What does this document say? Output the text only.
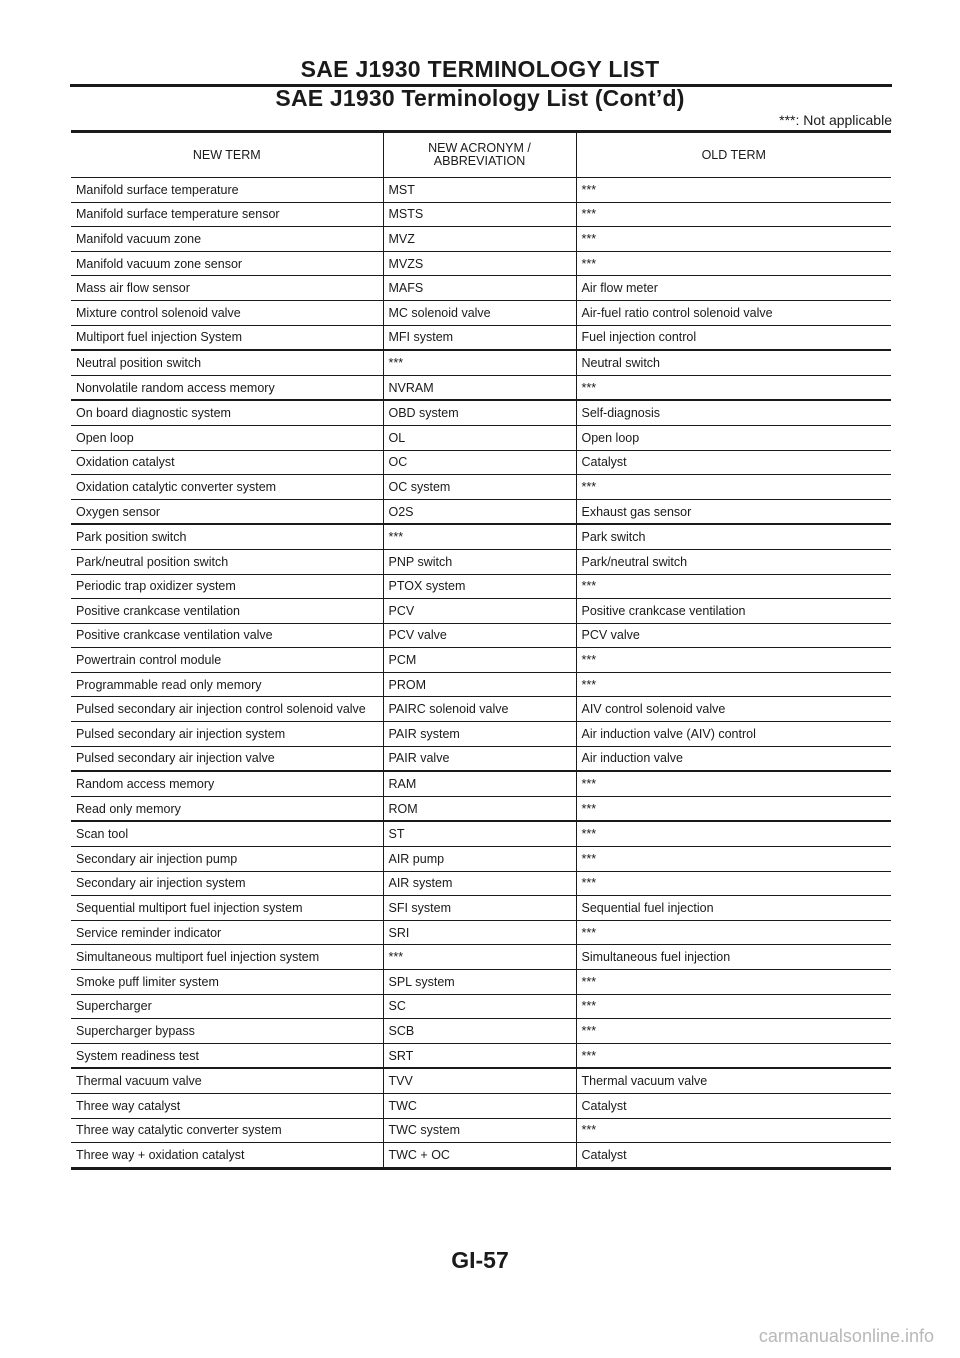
SAE J1930 TERMINOLOGY LIST
SAE J1930 Terminology List (Cont’d)
***: Not applicable
NEW TERM	NEW ACRONYM / ABBREVIATION	OLD TERM
Manifold surface temperature	MST	***
Manifold surface temperature sensor	MSTS	***
Manifold vacuum zone	MVZ	***
Manifold vacuum zone sensor	MVZS	***
Mass air flow sensor	MAFS	Air flow meter
Mixture control solenoid valve	MC solenoid valve	Air-fuel ratio control solenoid valve
Multiport fuel injection System	MFI system	Fuel injection control
Neutral position switch	***	Neutral switch
Nonvolatile random access memory	NVRAM	***
On board diagnostic system	OBD system	Self-diagnosis
Open loop	OL	Open loop
Oxidation catalyst	OC	Catalyst
Oxidation catalytic converter system	OC system	***
Oxygen sensor	O2S	Exhaust gas sensor
Park position switch	***	Park switch
Park/neutral position switch	PNP switch	Park/neutral switch
Periodic trap oxidizer system	PTOX system	***
Positive crankcase ventilation	PCV	Positive crankcase ventilation
Positive crankcase ventilation valve	PCV valve	PCV valve
Powertrain control module	PCM	***
Programmable read only memory	PROM	***
Pulsed secondary air injection control solenoid valve	PAIRC solenoid valve	AIV control solenoid valve
Pulsed secondary air injection system	PAIR system	Air induction valve (AIV) control
Pulsed secondary air injection valve	PAIR valve	Air induction valve
Random access memory	RAM	***
Read only memory	ROM	***
Scan tool	ST	***
Secondary air injection pump	AIR pump	***
Secondary air injection system	AIR system	***
Sequential multiport fuel injection system	SFI system	Sequential fuel injection
Service reminder indicator	SRI	***
Simultaneous multiport fuel injection system	***	Simultaneous fuel injection
Smoke puff limiter system	SPL system	***
Supercharger	SC	***
Supercharger bypass	SCB	***
System readiness test	SRT	***
Thermal vacuum valve	TVV	Thermal vacuum valve
Three way catalyst	TWC	Catalyst
Three way catalytic converter system	TWC system	***
Three way + oxidation catalyst	TWC + OC	Catalyst
GI-57
carmanualsonline.info
